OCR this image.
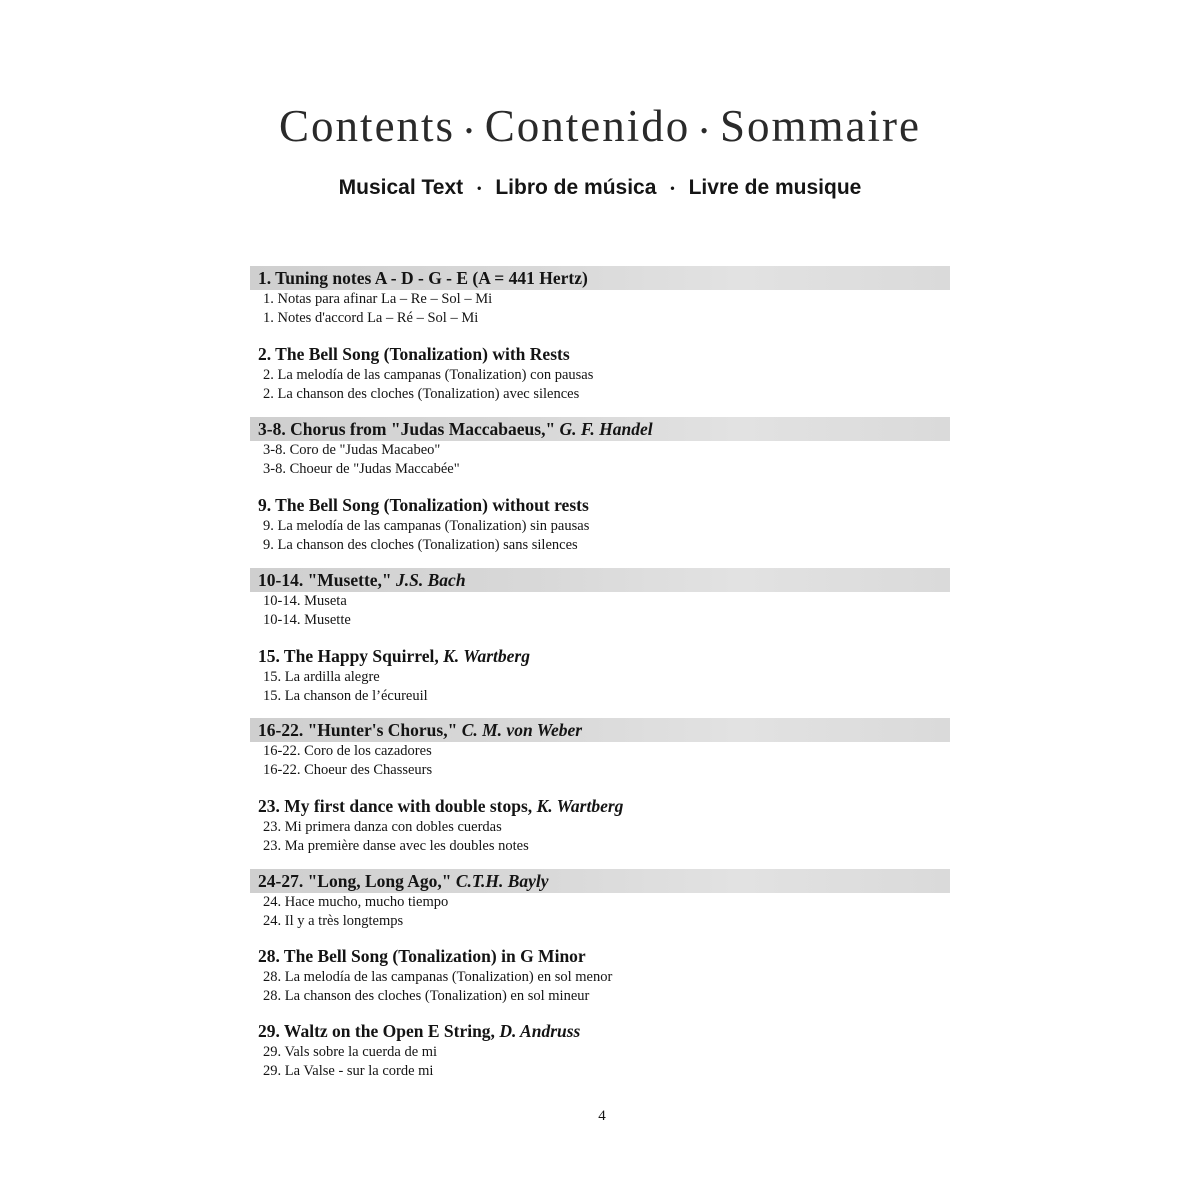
Contents • Contenido • Sommaire
Musical Text • Libro de música • Livre de musique
1. Tuning notes A - D - G - E (A = 441 Hertz)
1. Notas para afinar La – Re – Sol – Mi
1. Notes d'accord La – Ré – Sol – Mi
2. The Bell Song (Tonalization) with Rests
2. La melodía de las campanas (Tonalization) con pausas
2. La chanson des cloches (Tonalization) avec silences
3-8. Chorus from "Judas Maccabaeus," G. F. Handel
3-8. Coro de "Judas Macabeo"
3-8. Choeur de "Judas Maccabée"
9. The Bell Song (Tonalization) without rests
9. La melodía de las campanas (Tonalization) sin pausas
9. La chanson des cloches (Tonalization) sans silences
10-14. "Musette," J.S. Bach
10-14. Museta
10-14. Musette
15. The Happy Squirrel, K. Wartberg
15. La ardilla alegre
15. La chanson de l’écureuil
16-22. "Hunter's Chorus," C. M. von Weber
16-22. Coro de los cazadores
16-22. Choeur des Chasseurs
23. My first dance with double stops, K. Wartberg
23. Mi primera danza con dobles cuerdas
23. Ma première danse avec les doubles notes
24-27. "Long, Long Ago," C.T.H. Bayly
24. Hace mucho, mucho tiempo
24. Il y a très longtemps
28. The Bell Song (Tonalization) in G Minor
28. La melodía de las campanas (Tonalization) en sol menor
28. La chanson des cloches (Tonalization) en sol mineur
29. Waltz on the Open E String, D. Andruss
29. Vals sobre la cuerda de mi
29. La Valse - sur la corde mi
4
